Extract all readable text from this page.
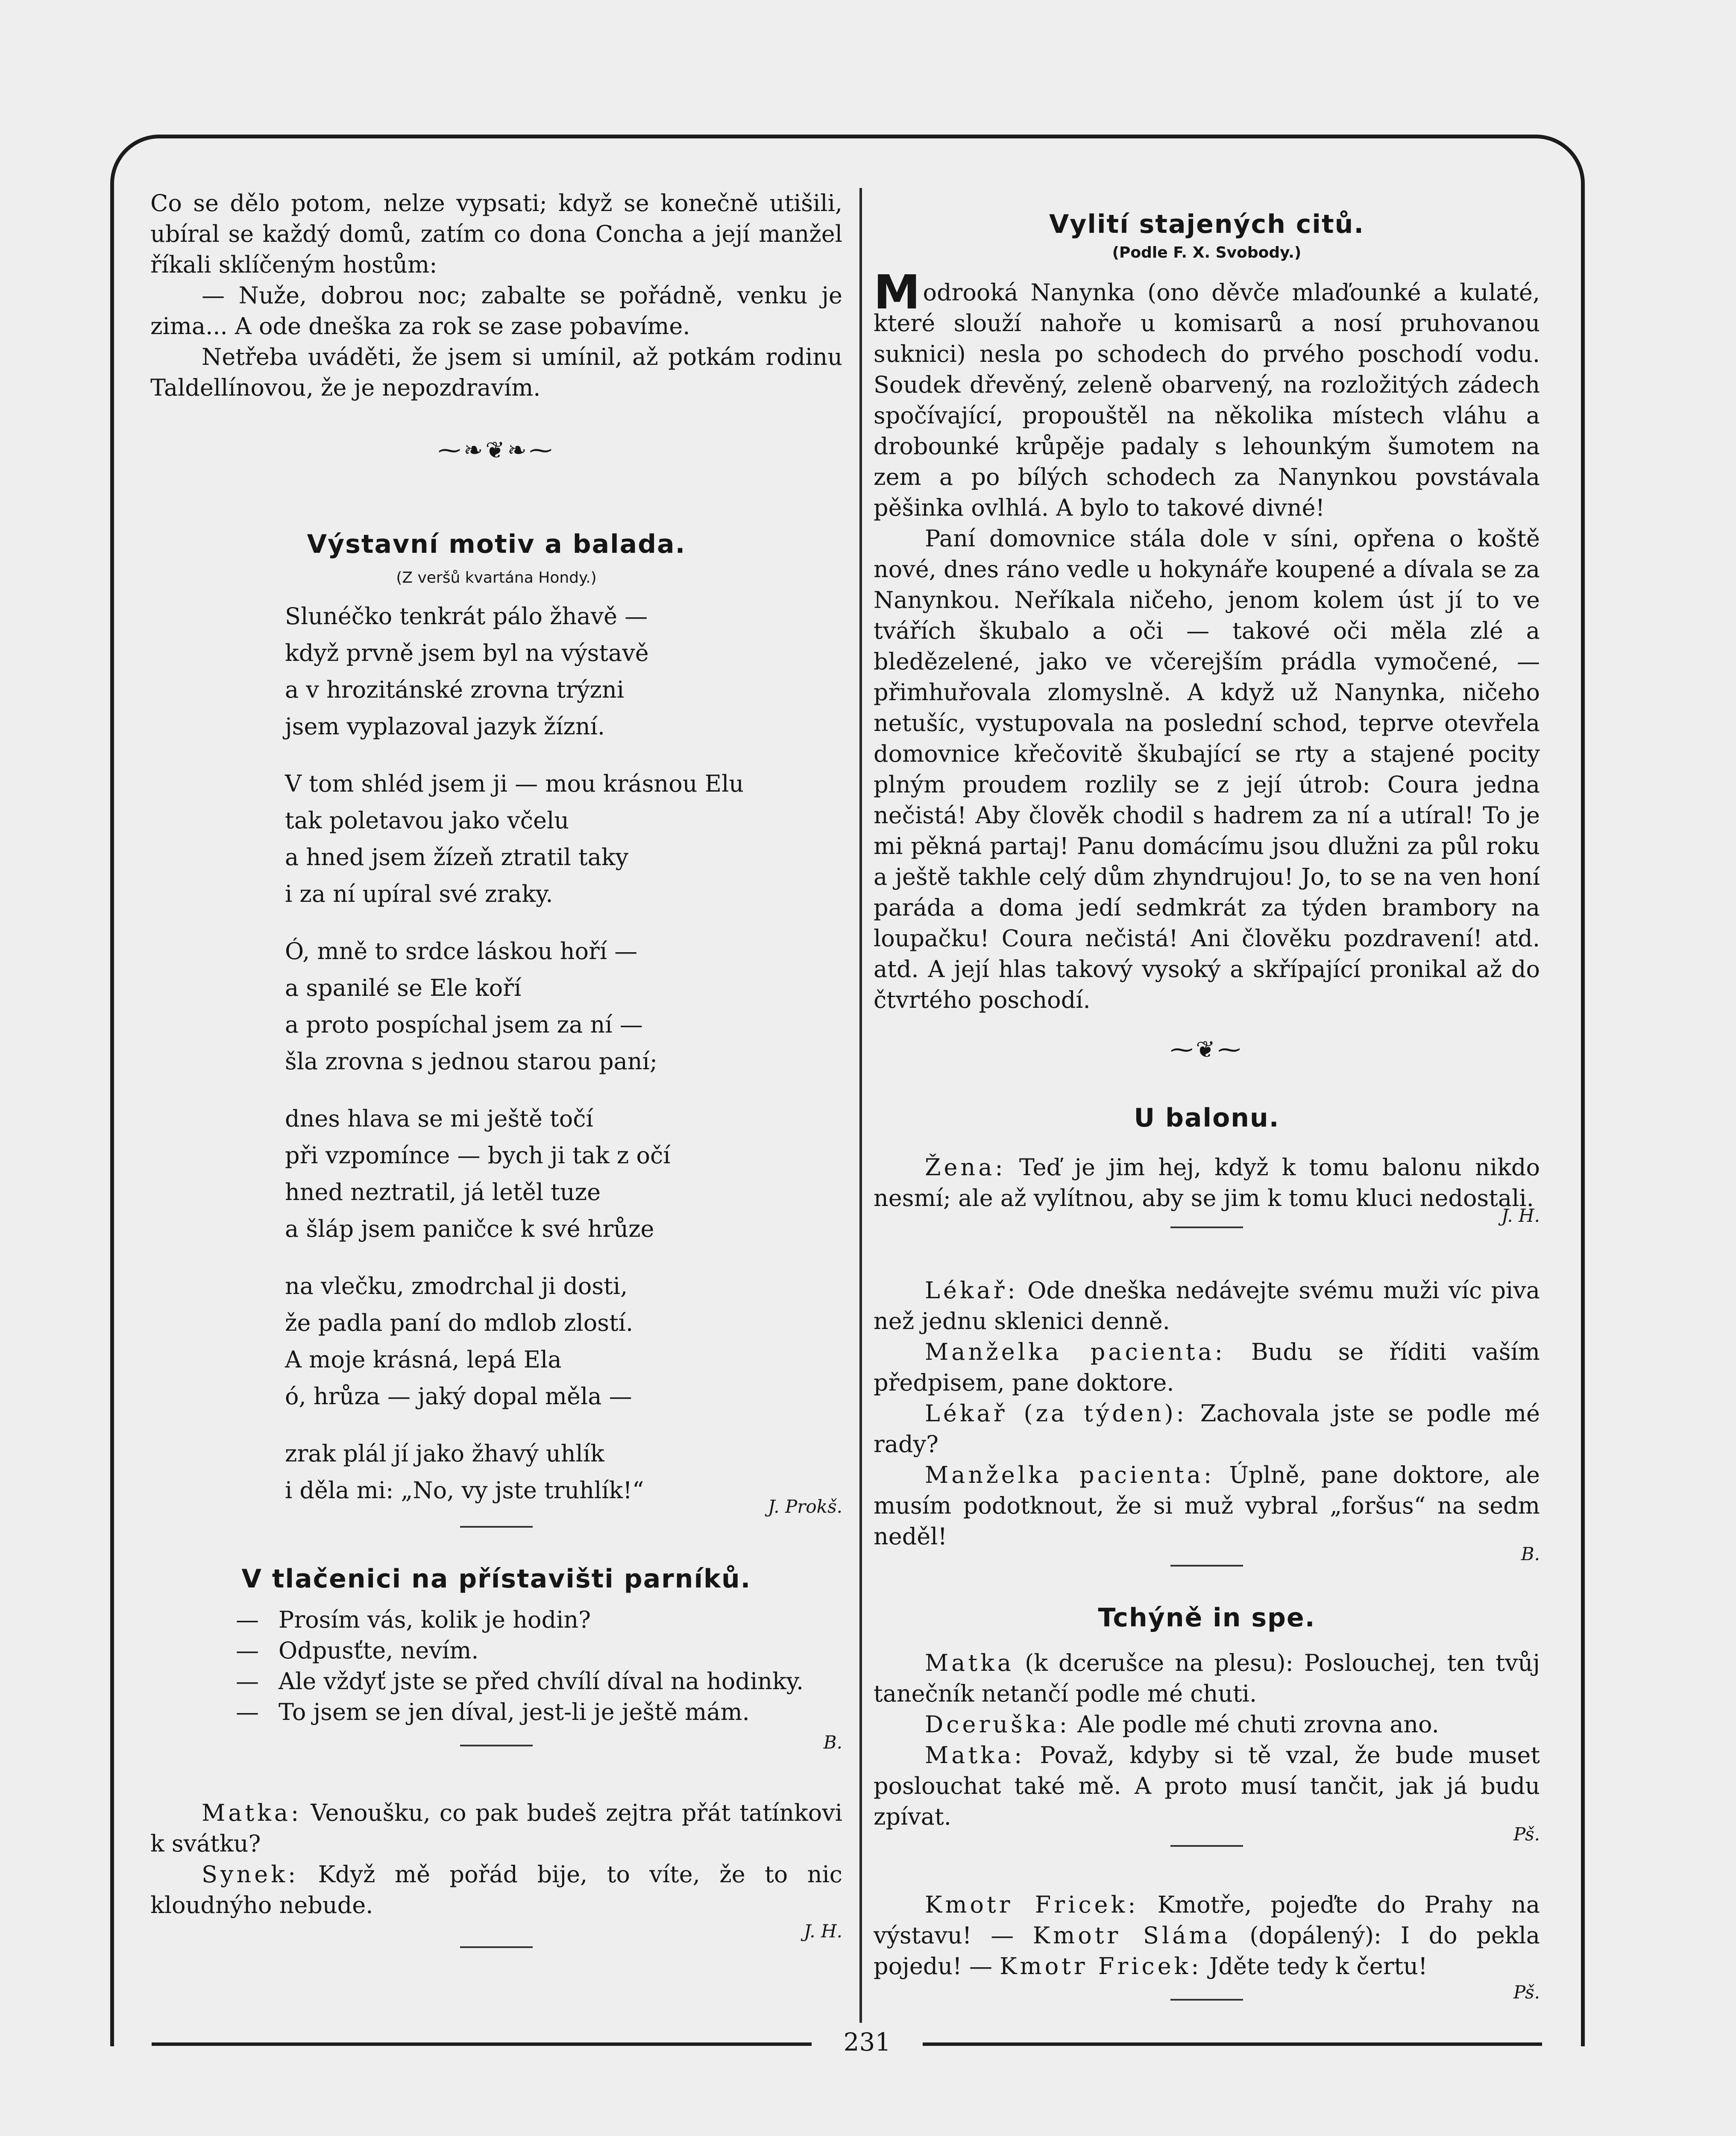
Co se dělo potom, nelze vypsati; když se konečně utišili, ubíral se každý domů, zatím co dona Concha a její manžel říkali sklíčeným hostům:

— Nuže, dobrou noc; zabalte se pořádně, venku je zima... A ode dneška za rok se zase pobavíme.

Netřeba uváděti, že jsem si umínil, až potkám rodinu Taldellínovou, že je nepozdravím.

⁓❧❦❧⁓
Výstavní motiv a balada.
(Z veršů kvartána Hondy.)
Slunéčko tenkrát pálo žhavě —
když prvně jsem byl na výstavě
a v hrozitánské zrovna trýzni
jsem vyplazoval jazyk žízní.
V tom shléd jsem ji — mou krásnou Elu
tak poletavou jako včelu
a hned jsem žízeň ztratil taky
i za ní upíral své zraky.
Ó, mně to srdce láskou hoří —
a spanilé se Ele koří
a proto pospíchal jsem za ní —
šla zrovna s jednou starou paní;
dnes hlava se mi ještě točí
při vzpomínce — bych ji tak z očí
hned neztratil, já letěl tuze
a šláp jsem paničce k své hrůze
na vlečku, zmodrchal ji dosti,
že padla paní do mdlob zlostí.
A moje krásná, lepá Ela
ó, hrůza — jaký dopal měla —
zrak plál jí jako žhavý uhlík
i děla mi: „No, vy jste truhlík!“
J. Prokš.
V tlačenici na přístavišti parníků.
— Prosím vás, kolik je hodin?
— Odpusťte, nevím.
— Ale vždyť jste se před chvílí díval na hodinky.
— To jsem se jen díval, jest-li je ještě mám.
B.

Matka: Venoušku, co pak budeš zejtra přát tatínkovi k svátku?

Synek: Když mě pořád bije, to víte, že to nic kloudnýho nebude.

J. H.
Vylití stajených citů.
(Podle F. X. Svobody.)

Modrooká Nanynka (ono děvče mlaďounké a kulaté, které slouží nahoře u komisarů a nosí pruhovanou suknici) nesla po schodech do prvého poschodí vodu. Soudek dřevěný, zeleně obarvený, na rozložitých zádech spočívající, propouštěl na několika místech vláhu a drobounké krůpěje padaly s lehounkým šumotem na zem a po bílých schodech za Nanynkou povstávala pěšinka ovlhlá. A bylo to takové divné!

Paní domovnice stála dole v síni, opřena o koště nové, dnes ráno vedle u hokynáře koupené a dívala se za Nanynkou. Neříkala ničeho, jenom kolem úst jí to ve tvářích škubalo a oči — takové oči měla zlé a bledězelené, jako ve včerejším prádla vymočené, — přimhuřovala zlomyslně. A když už Nanynka, ničeho netušíc, vystupovala na poslední schod, teprve otevřela domovnice křečovitě škubající se rty a stajené pocity plným proudem rozlily se z její útrob: Coura jedna nečistá! Aby člověk chodil s hadrem za ní a utíral! To je mi pěkná partaj! Panu domácímu jsou dlužni za půl roku a ještě takhle celý dům zhyndrujou! Jo, to se na ven honí paráda a doma jedí sedmkrát za týden brambory na loupačku! Coura nečistá! Ani člověku pozdravení! atd. atd. A její hlas takový vysoký a skřípající pronikal až do čtvrtého poschodí.

⁓❦⁓
U balonu.

Žena: Teď je jim hej, když k tomu balonu nikdo nesmí; ale až vylítnou, aby se jim k tomu kluci nedostali.

J. H.

Lékař: Ode dneška nedávejte svému muži víc piva než jednu sklenici denně.

Manželka pacienta: Budu se říditi vaším předpisem, pane doktore.

Lékař (za týden): Zachovala jste se podle mé rady?

Manželka pacienta: Úplně, pane doktore, ale musím podotknout, že si muž vybral „foršus“ na sedm neděl!

B.
Tchýně in spe.

Matka (k dcerušce na plesu): Poslouchej, ten tvůj tanečník netančí podle mé chuti.

Dceruška: Ale podle mé chuti zrovna ano.

Matka: Považ, kdyby si tě vzal, že bude muset poslouchat také mě. A proto musí tančit, jak já budu zpívat.

Pš.

Kmotr Fricek: Kmotře, pojeďte do Prahy na výstavu! — Kmotr Sláma (dopálený): I do pekla pojedu! — Kmotr Fricek: Jděte tedy k čertu!

Pš.
231
